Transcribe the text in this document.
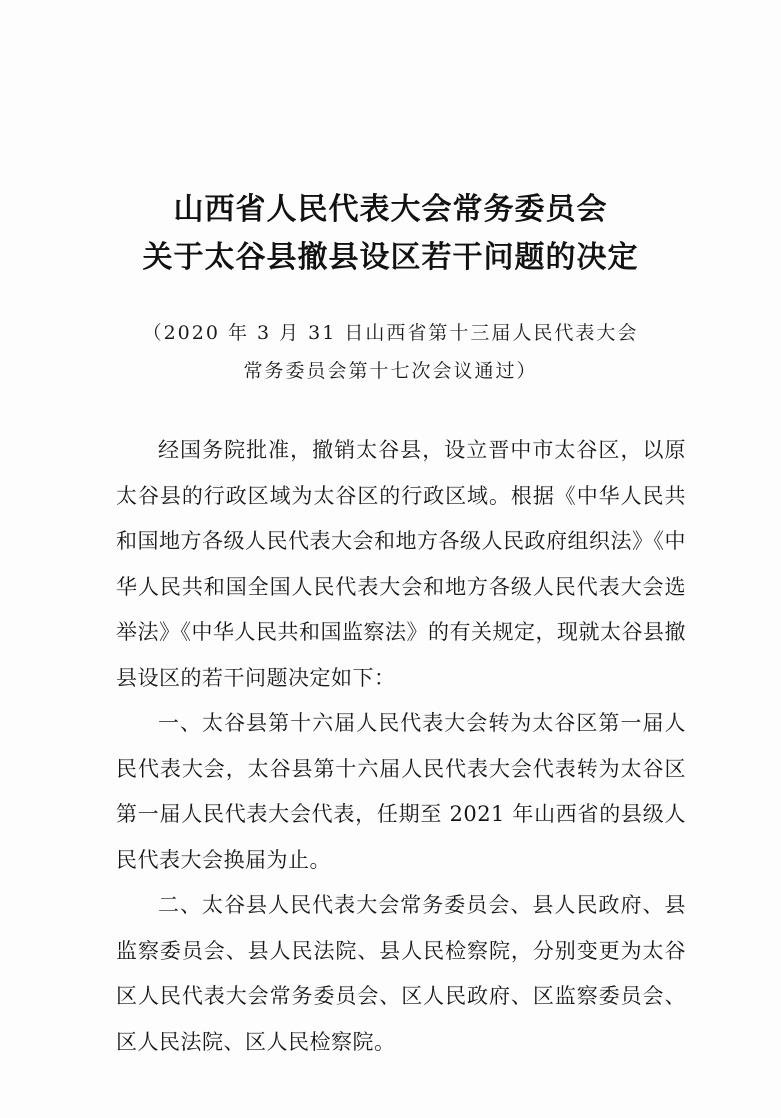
山西省人民代表大会常务委员会
关于太谷县撤县设区若干问题的决定
（2020 年 3 月 31 日山西省第十三届人民代表大会
常务委员会第十七次会议通过）

经国务院批准，撤销太谷县，设立晋中市太谷区，以原太谷县的行政区域为太谷区的行政区域。根据《中华人民共和国地方各级人民代表大会和地方各级人民政府组织法》《中华人民共和国全国人民代表大会和地方各级人民代表大会选举法》《中华人民共和国监察法》的有关规定，现就太谷县撤县设区的若干问题决定如下：

一、太谷县第十六届人民代表大会转为太谷区第一届人民代表大会，太谷县第十六届人民代表大会代表转为太谷区第一届人民代表大会代表，任期至 2021 年山西省的县级人民代表大会换届为止。

二、太谷县人民代表大会常务委员会、县人民政府、县监察委员会、县人民法院、县人民检察院，分别变更为太谷区人民代表大会常务委员会、区人民政府、区监察委员会、区人民法院、区人民检察院。
